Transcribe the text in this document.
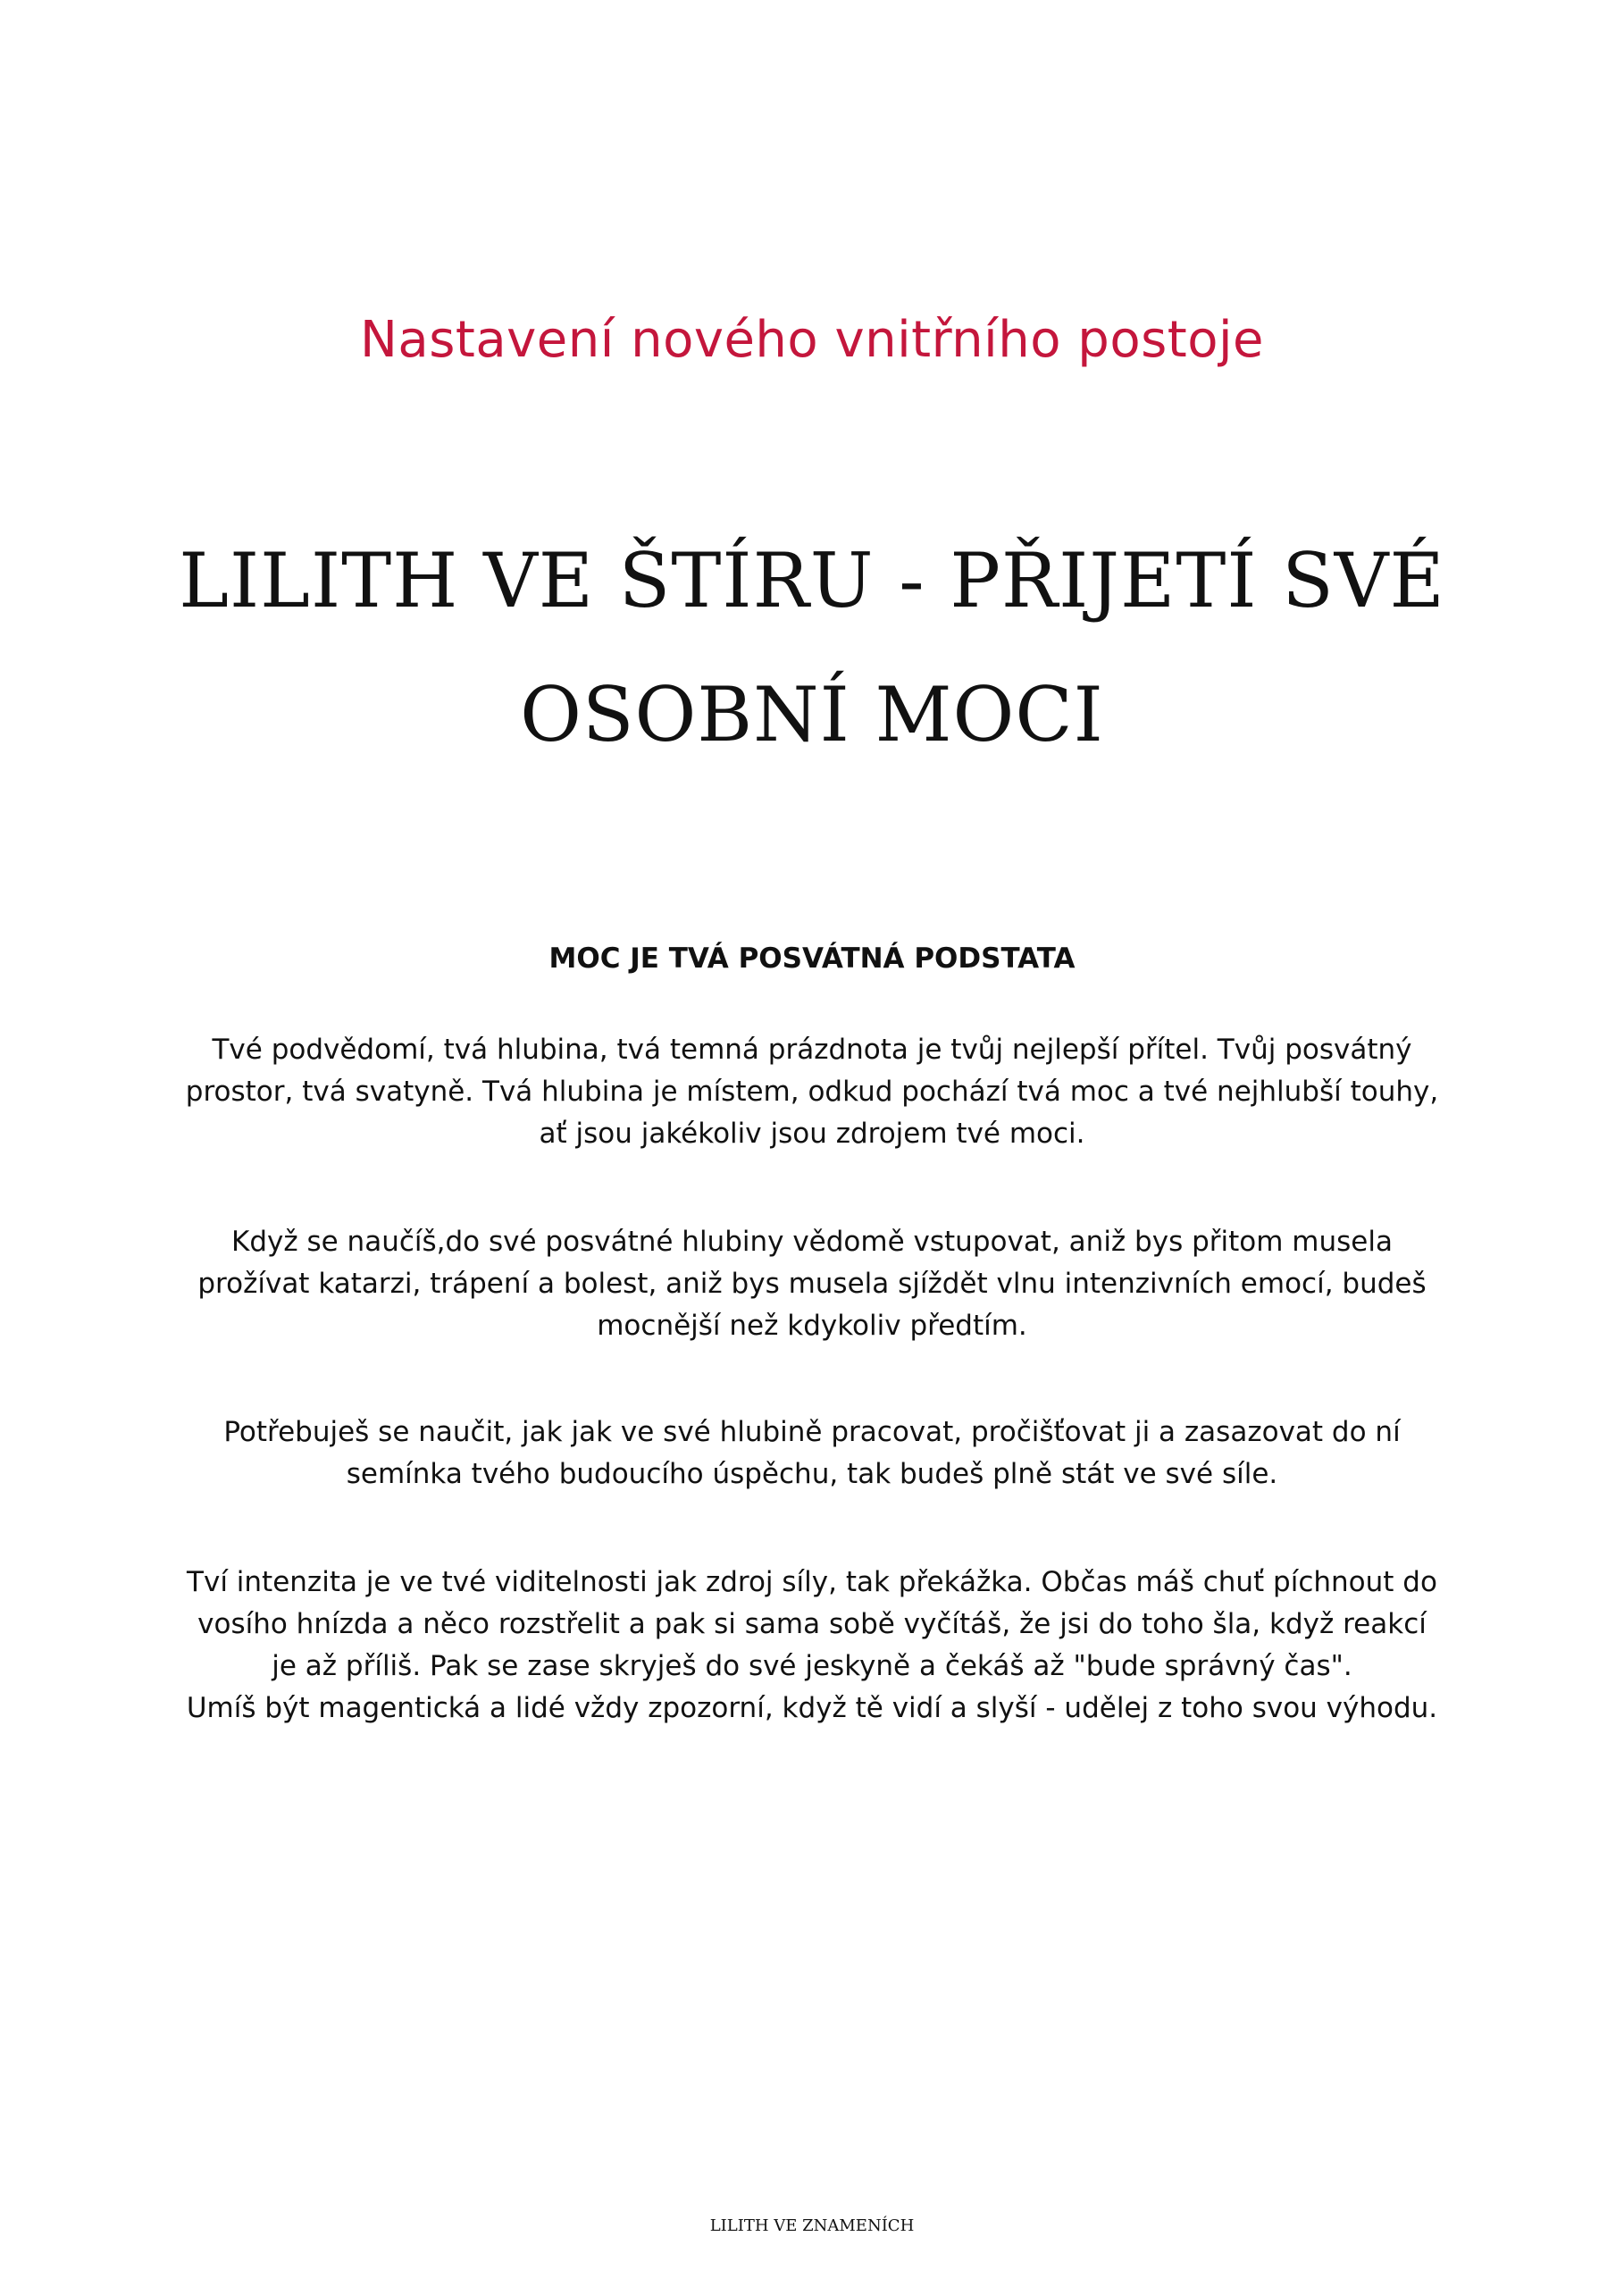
Nastavení nového vnitřního postoje
LILITH VE ŠTÍRU - PŘIJETÍ SVÉ
OSOBNÍ MOCI
MOC JE TVÁ POSVÁTNÁ PODSTATA

Tvé podvědomí, tvá hlubina, tvá temná prázdnota je tvůj nejlepší přítel. Tvůj posvátný
prostor, tvá svatyně. Tvá hlubina je místem, odkud pochází tvá moc a tvé nejhlubší touhy,
ať jsou jakékoliv jsou zdrojem tvé moci.

Když se naučíš,do své posvátné hlubiny vědomě vstupovat, aniž bys přitom musela
prožívat katarzi, trápení a bolest, aniž bys musela sjíždět vlnu intenzivních emocí, budeš
mocnější než kdykoliv předtím.

Potřebuješ se naučit, jak jak ve své hlubině pracovat, pročišťovat ji a zasazovat do ní
semínka tvého budoucího úspěchu, tak budeš plně stát ve své síle.

Tví intenzita je ve tvé viditelnosti jak zdroj síly, tak překážka. Občas máš chuť píchnout do
vosího hnízda a něco rozstřelit a pak si sama sobě vyčítáš, že jsi do toho šla, když reakcí
je až příliš. Pak se zase skryješ do své jeskyně a čekáš až "bude správný čas".
Umíš být magentická a lidé vždy zpozorní, když tě vidí a slyší - udělej z toho svou výhodu.

LILITH VE ZNAMENÍCH
